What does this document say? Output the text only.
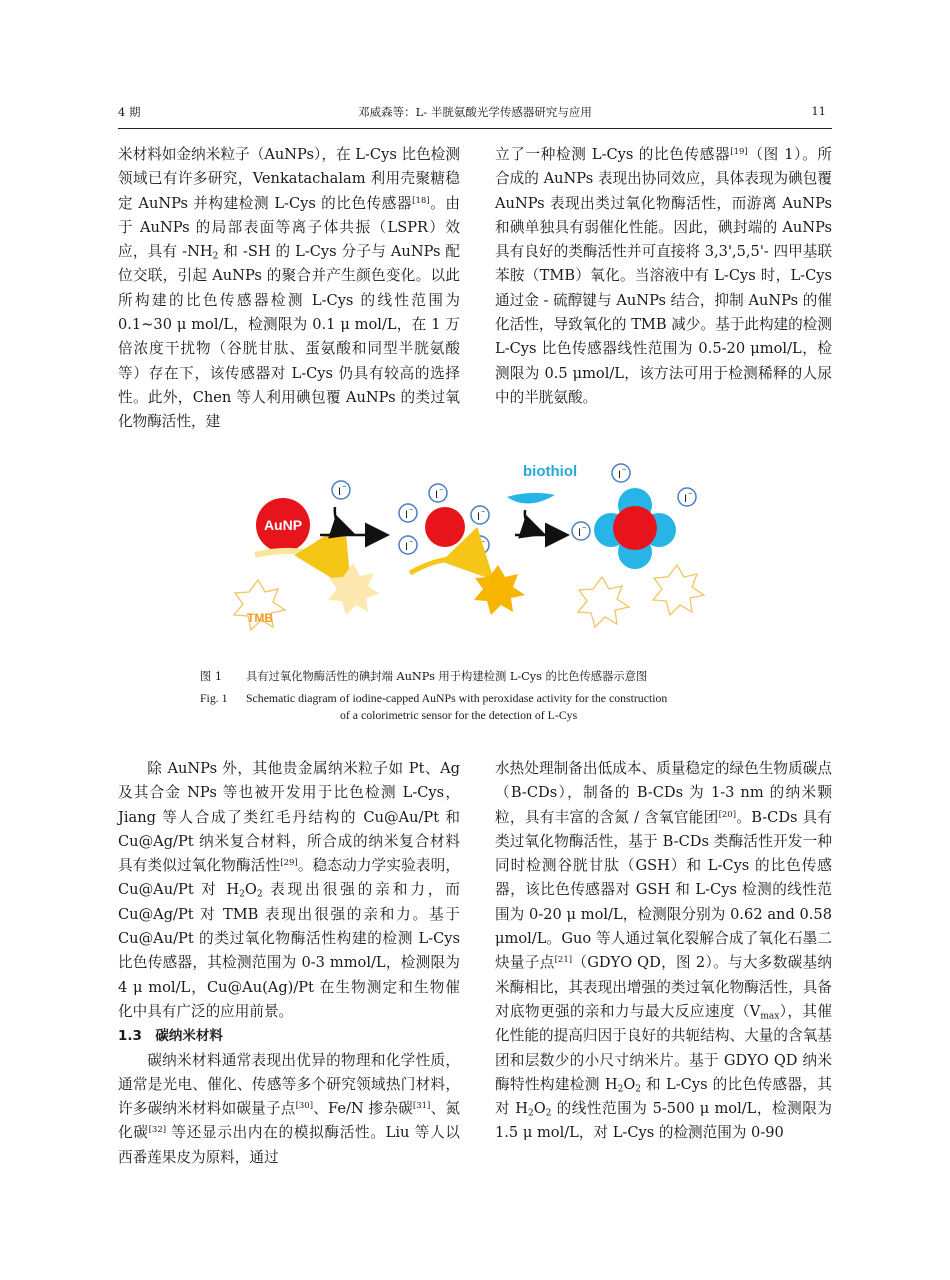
4 期	邓威森等：L- 半胱氨酸光学传感器研究与应用	11

米材料如金纳米粒子（AuNPs），在 L-Cys 比色检测领域已有许多研究，Venkatachalam 利用壳聚糖稳定 AuNPs 并构建检测 L-Cys 的比色传感器[18]。由于 AuNPs 的局部表面等离子体共振（LSPR）效应，具有 $-NH_2$ 和 -SH 的 L-Cys 分子与 AuNPs 配位交联，引起 AuNPs 的聚合并产生颜色变化。以此所构建的比色传感器检测 L-Cys 的线性范围为 0.1~30 μ mol/L，检测限为 0.1 μ mol/L，在 1 万倍浓度干扰物（谷胱甘肽、蛋氨酸和同型半胱氨酸等）存在下，该传感器对 L-Cys 仍具有较高的选择性。此外，Chen 等人利用碘包覆 AuNPs 的类过氧化物酶活性，建

立了一种检测 L-Cys 的比色传感器[19]（图 1）。所合成的 AuNPs 表现出协同效应，具体表现为碘包覆 AuNPs 表现出类过氧化物酶活性，而游离 AuNPs 和碘单独具有弱催化性能。因此，碘封端的 AuNPs 具有良好的类酶活性并可直接将 3,3',5,5'- 四甲基联苯胺（TMB）氧化。当溶液中有 L-Cys 时，L-Cys 通过金 - 硫醇键与 AuNPs 结合，抑制 AuNPs 的催化活性，导致氧化的 TMB 减少。基于此构建的检测 L-Cys 比色传感器线性范围为 0.5-20 μmol/L，检测限为 0.5 μmol/L，该方法可用于检测稀释的人尿中的半胱氨酸。

AuNP
TMB
I −
I −
I −
I −
I −	I −
biothiol
I −
I −
I −
图 1 具有过氧化物酶活性的碘封端 AuNPs 用于构建检测 L-Cys 的比色传感器示意图
Fig. 1 Schematic diagram of iodine-capped AuNPs with peroxidase activity for the construction
of a colorimetric sensor for the detection of L-Cys

除 AuNPs 外，其他贵金属纳米粒子如 Pt、Ag 及其合金 NPs 等也被开发用于比色检测 L-Cys，Jiang 等人合成了类红毛丹结构的 Cu@Au/Pt 和 Cu@Ag/Pt 纳米复合材料，所合成的纳米复合材料具有类似过氧化物酶活性[29]。稳态动力学实验表明，Cu@Au/Pt 对 $H_2O_2$ 表现出很强的亲和力，而 Cu@Ag/Pt 对 TMB 表现出很强的亲和力。基于 Cu@Au/Pt 的类过氧化物酶活性构建的检测 L-Cys 比色传感器，其检测范围为 0-3 mmol/L，检测限为 4 μ mol/L，Cu@Au(Ag)/Pt 在生物测定和生物催化中具有广泛的应用前景。

1.3　碳纳米材料

碳纳米材料通常表现出优异的物理和化学性质，通常是光电、催化、传感等多个研究领域热门材料，许多碳纳米材料如碳量子点[30]、Fe/N 掺杂碳[31]、氮化碳[32] 等还显示出内在的模拟酶活性。Liu 等人以西番莲果皮为原料，通过

水热处理制备出低成本、质量稳定的绿色生物质碳点（B-CDs），制备的 B-CDs 为 1-3 nm 的纳米颗粒，具有丰富的含氮 / 含氧官能团[20]。B-CDs 具有类过氧化物酶活性，基于 B-CDs 类酶活性开发一种同时检测谷胱甘肽（GSH）和 L-Cys 的比色传感器，该比色传感器对 GSH 和 L-Cys 检测的线性范围为 0-20 μ mol/L，检测限分别为 0.62 and 0.58 μmol/L。Guo 等人通过氧化裂解合成了氧化石墨二炔量子点[21]（GDYO QD，图 2）。与大多数碳基纳米酶相比，其表现出增强的类过氧化物酶活性，具备对底物更强的亲和力与最大反应速度$(V_{max})$，其催化性能的提高归因于良好的共轭结构、大量的含氧基团和层数少的小尺寸纳米片。基于 GDYO QD 纳米酶特性构建检测 $H_2O_2$ 和 L-Cys 的比色传感器，其对 $H_2O_2$ 的线性范围为 5-500 μ mol/L，检测限为 1.5 μ mol/L，对 L-Cys 的检测范围为 0-90
